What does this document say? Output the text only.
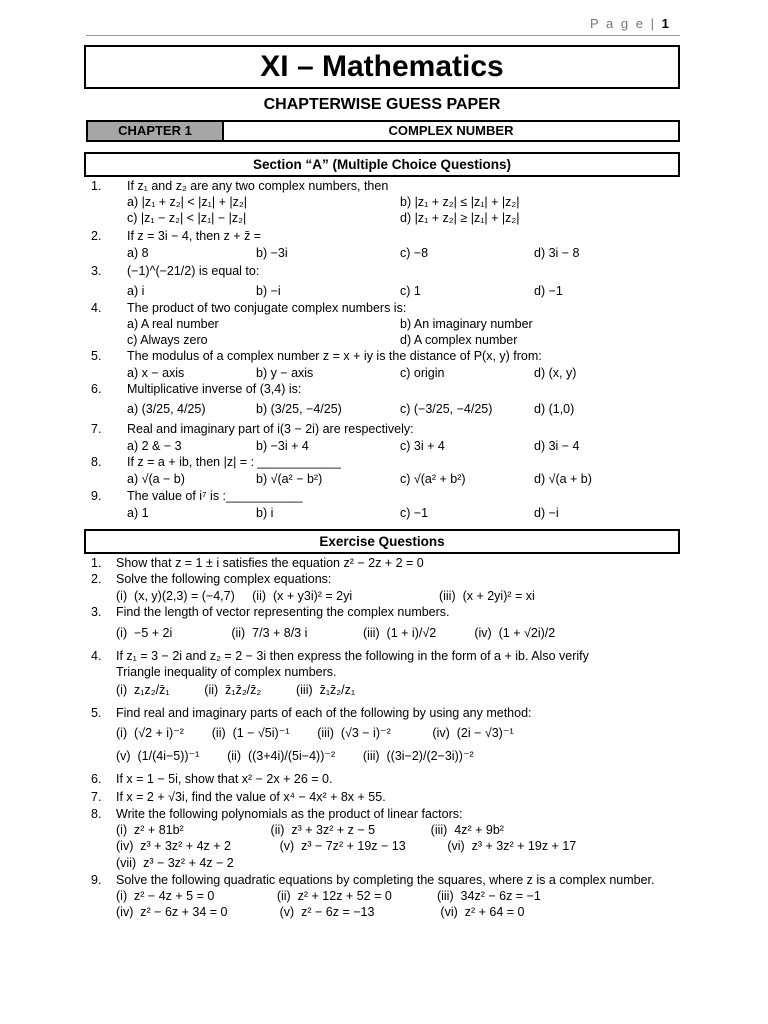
P a g e | 1
XI – Mathematics
CHAPTERWISE GUESS PAPER
CHAPTER 1	COMPLEX NUMBER
Section “A” (Multiple Choice Questions)
1. If z₁ and z₂ are any two complex numbers, then
a) |z₁ + z₂| < |z₁| + |z₂|	b) |z₁ + z₂| ≤ |z₁| + |z₂|
c) |z₁ − z₂| < |z₁| − |z₂|	d) |z₁ + z₂| ≥ |z₁| + |z₂|
2. If z = 3i − 4, then z + z̄ =
a) 8	b) −3i	c) −8	d) 3i − 8
3. (−1)^(−21/2) is equal to:
a) i	b) −i	c) 1	d) −1
4. The product of two conjugate complex numbers is:
a) A real number	b) An imaginary number
c) Always zero	d) A complex number
5. The modulus of a complex number z = x + iy is the distance of P(x, y) from:
a) x − axis	b) y − axis	c) origin	d) (x, y)
6. Multiplicative inverse of (3,4) is:
a) (3/25, 4/25)	b) (3/25, −4/25)	c) (−3/25, −4/25)	d) (1,0)
7. Real and imaginary part of i(3 − 2i) are respectively:
a) 2 & − 3	b) −3i + 4	c) 3i + 4	d) 3i − 4
8. If z = a + ib, then |z| = : ____________
a) √(a − b)	b) √(a² − b²)	c) √(a² + b²)	d) √(a + b)
9. The value of i⁷ is :___________
a) 1	b) i	c) −1	d) −i
Exercise Questions
1. Show that z = 1 ± i satisfies the equation z² − 2z + 2 = 0
2. Solve the following complex equations:
(i)  (x, y)(2,3) = (−4,7)     (ii)  (x + y3i)² = 2yi                         (iii)  (x + 2yi)² = xi
3. Find the length of vector representing the complex numbers.
(i)  −5 + 2i                 (ii)  7/3 + 8/3 i                (iii)  (1 + i)/√2           (iv)  (1 + √2i)/2
4. If z₁ = 3 − 2i and z₂ = 2 − 3i then express the following in the form of a + ib. Also verify
Triangle inequality of complex numbers.
(i)  z₁z₂/z̄₁          (ii)  z̄₁z̄₂/z̄₂          (iii)  z̄₁z̄₂/z₁
5. Find real and imaginary parts of each of the following by using any method:
(i)  (√2 + i)⁻²        (ii)  (1 − √5i)⁻¹        (iii)  (√3 − i)⁻²            (iv)  (2i − √3)⁻¹
(v)  (1/(4i−5))⁻¹        (ii)  ((3+4i)/(5i−4))⁻²        (iii)  ((3i−2)/(2−3i))⁻²
6. If x = 1 − 5i, show that x² − 2x + 26 = 0.
7. If x = 2 + √3i, find the value of x⁴ − 4x² + 8x + 55.
8. Write the following polynomials as the product of linear factors:
(i)  z² + 81b²                         (ii)  z³ + 3z² + z − 5                (iii)  4z² + 9b²
(iv)  z³ + 3z² + 4z + 2              (v)  z³ − 7z² + 19z − 13            (vi)  z³ + 3z² + 19z + 17
(vii)  z³ − 3z² + 4z − 2
9. Solve the following quadratic equations by completing the squares, where z is a complex number.
(i)  z² − 4z + 5 = 0                  (ii)  z² + 12z + 52 = 0             (iii)  34z² − 6z = −1
(iv)  z² − 6z + 34 = 0               (v)  z² − 6z = −13                   (vi)  z² + 64 = 0
